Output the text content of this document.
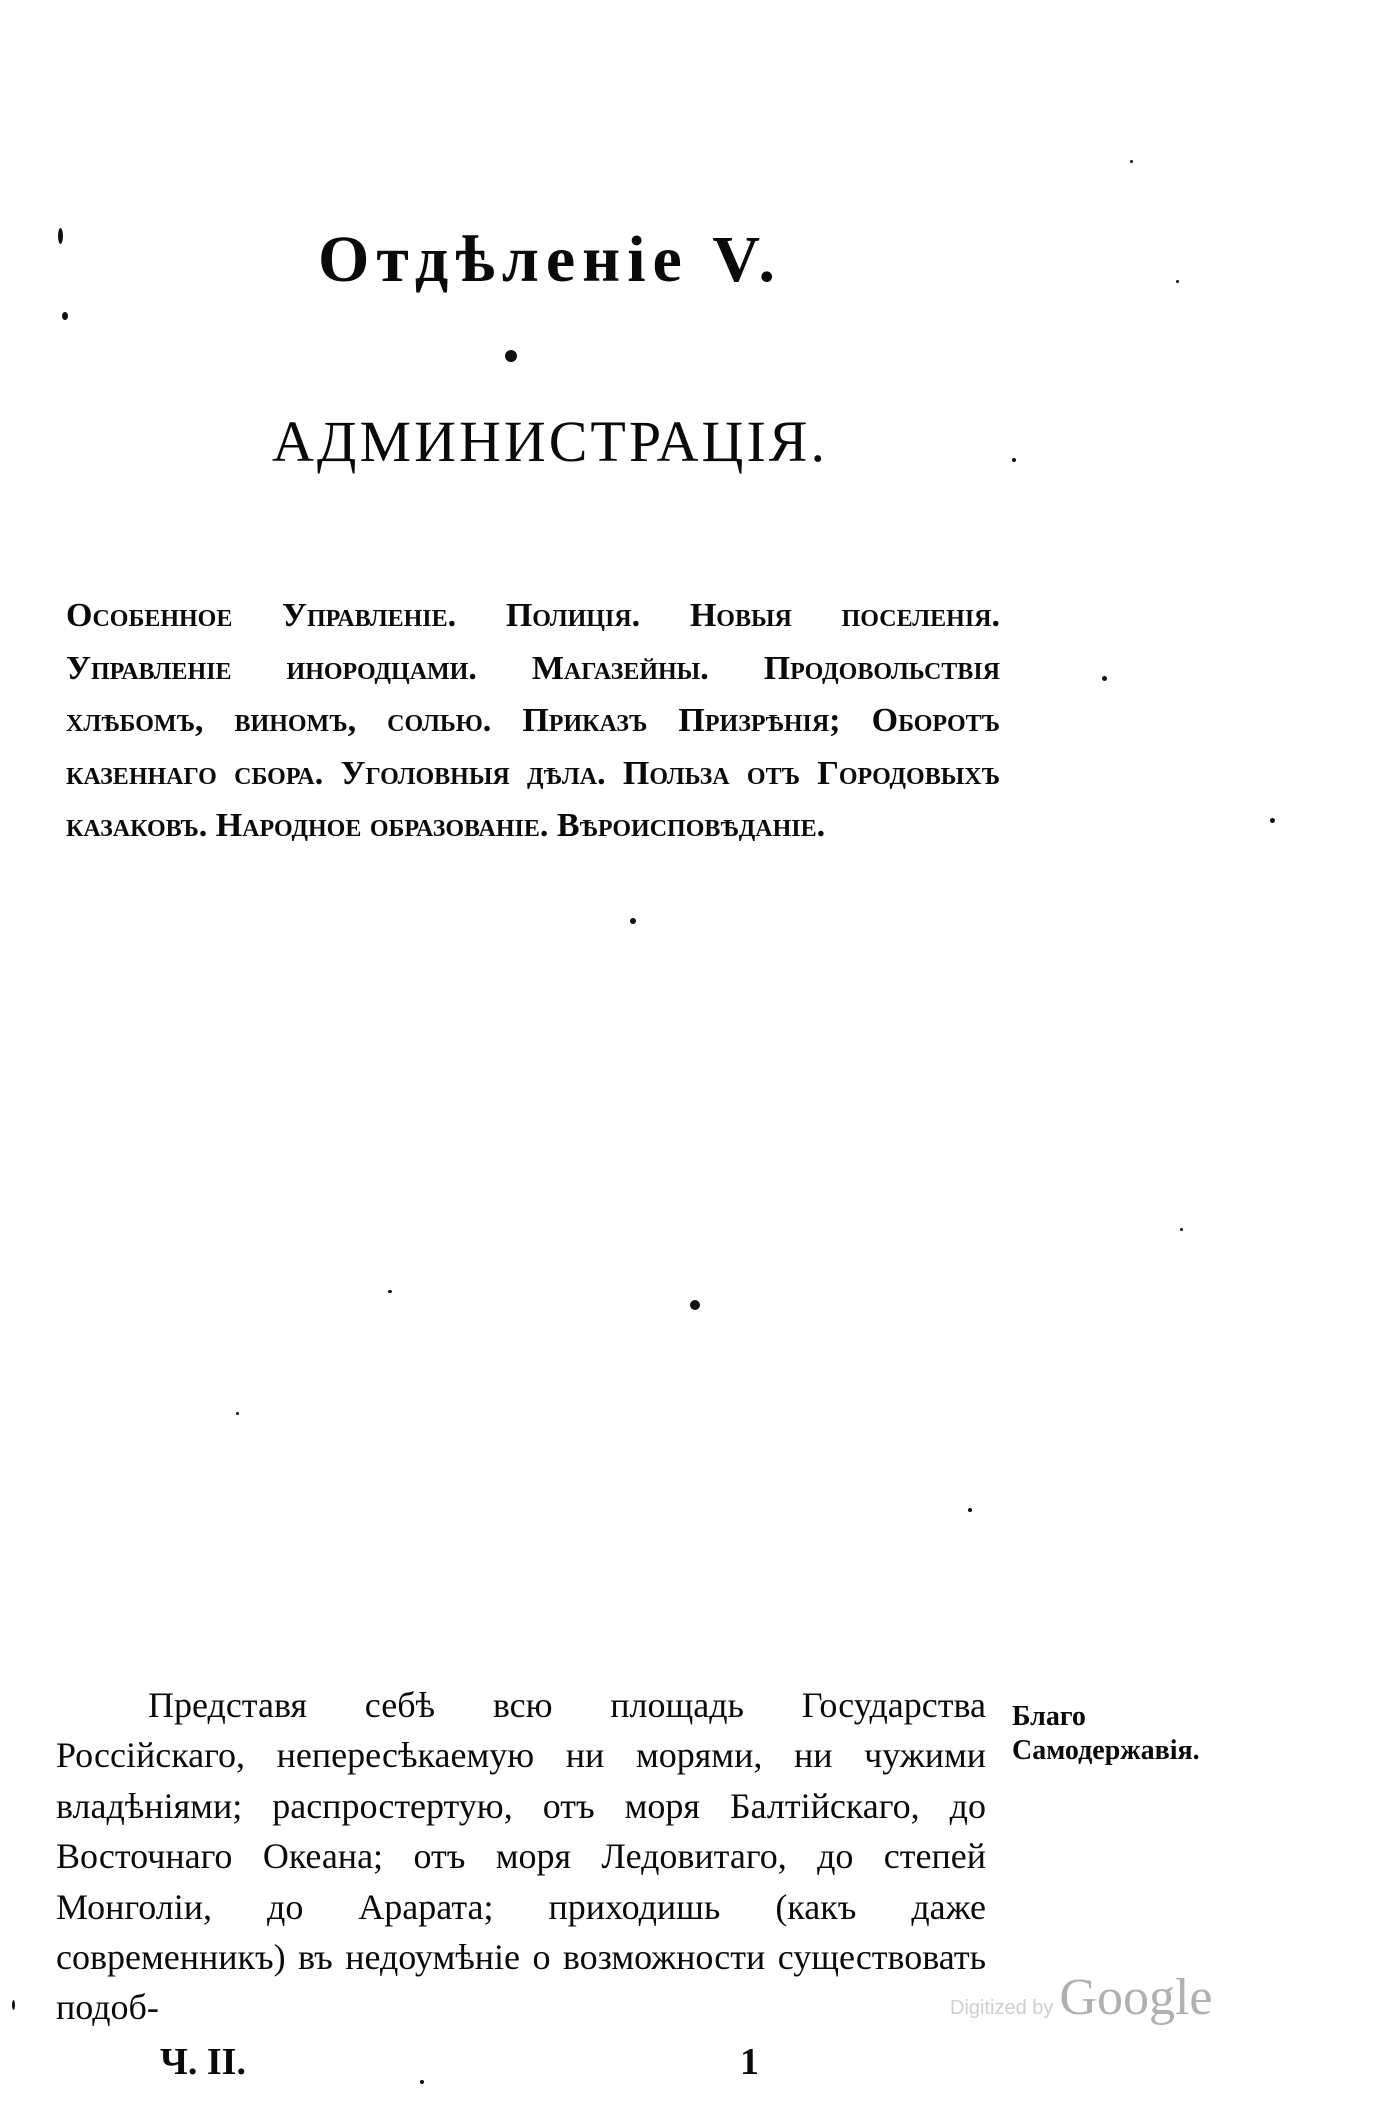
Отдѣленіе V.
АДМИНИСТРАЦІЯ.

Особенное Управленіе. Полиція. Новыя поселенія. Управленіе инородцами. Магазейны. Продовольствія хлѣбомъ, виномъ, солью. Приказъ Призрѣнія; Оборотъ казеннаго сбора. Уголовныя дѣла. Польза отъ Городовыхъ казаковъ. Народное образованіе. Вѣроисповѣданіе.

Представя себѣ всю площадь Государства Россійскаго, непересѣкаемую ни морями, ни чужими владѣніями; распростертую, отъ моря Балтійскаго, до Восточнаго Океана; отъ моря Ледовитаго, до степей Монголіи, до Арарата; приходишь (какъ даже современникъ) въ недоумѣніе о возможности существовать подоб-

Благо Самодержавія.

Ч. II.	1
Digitized by Google
